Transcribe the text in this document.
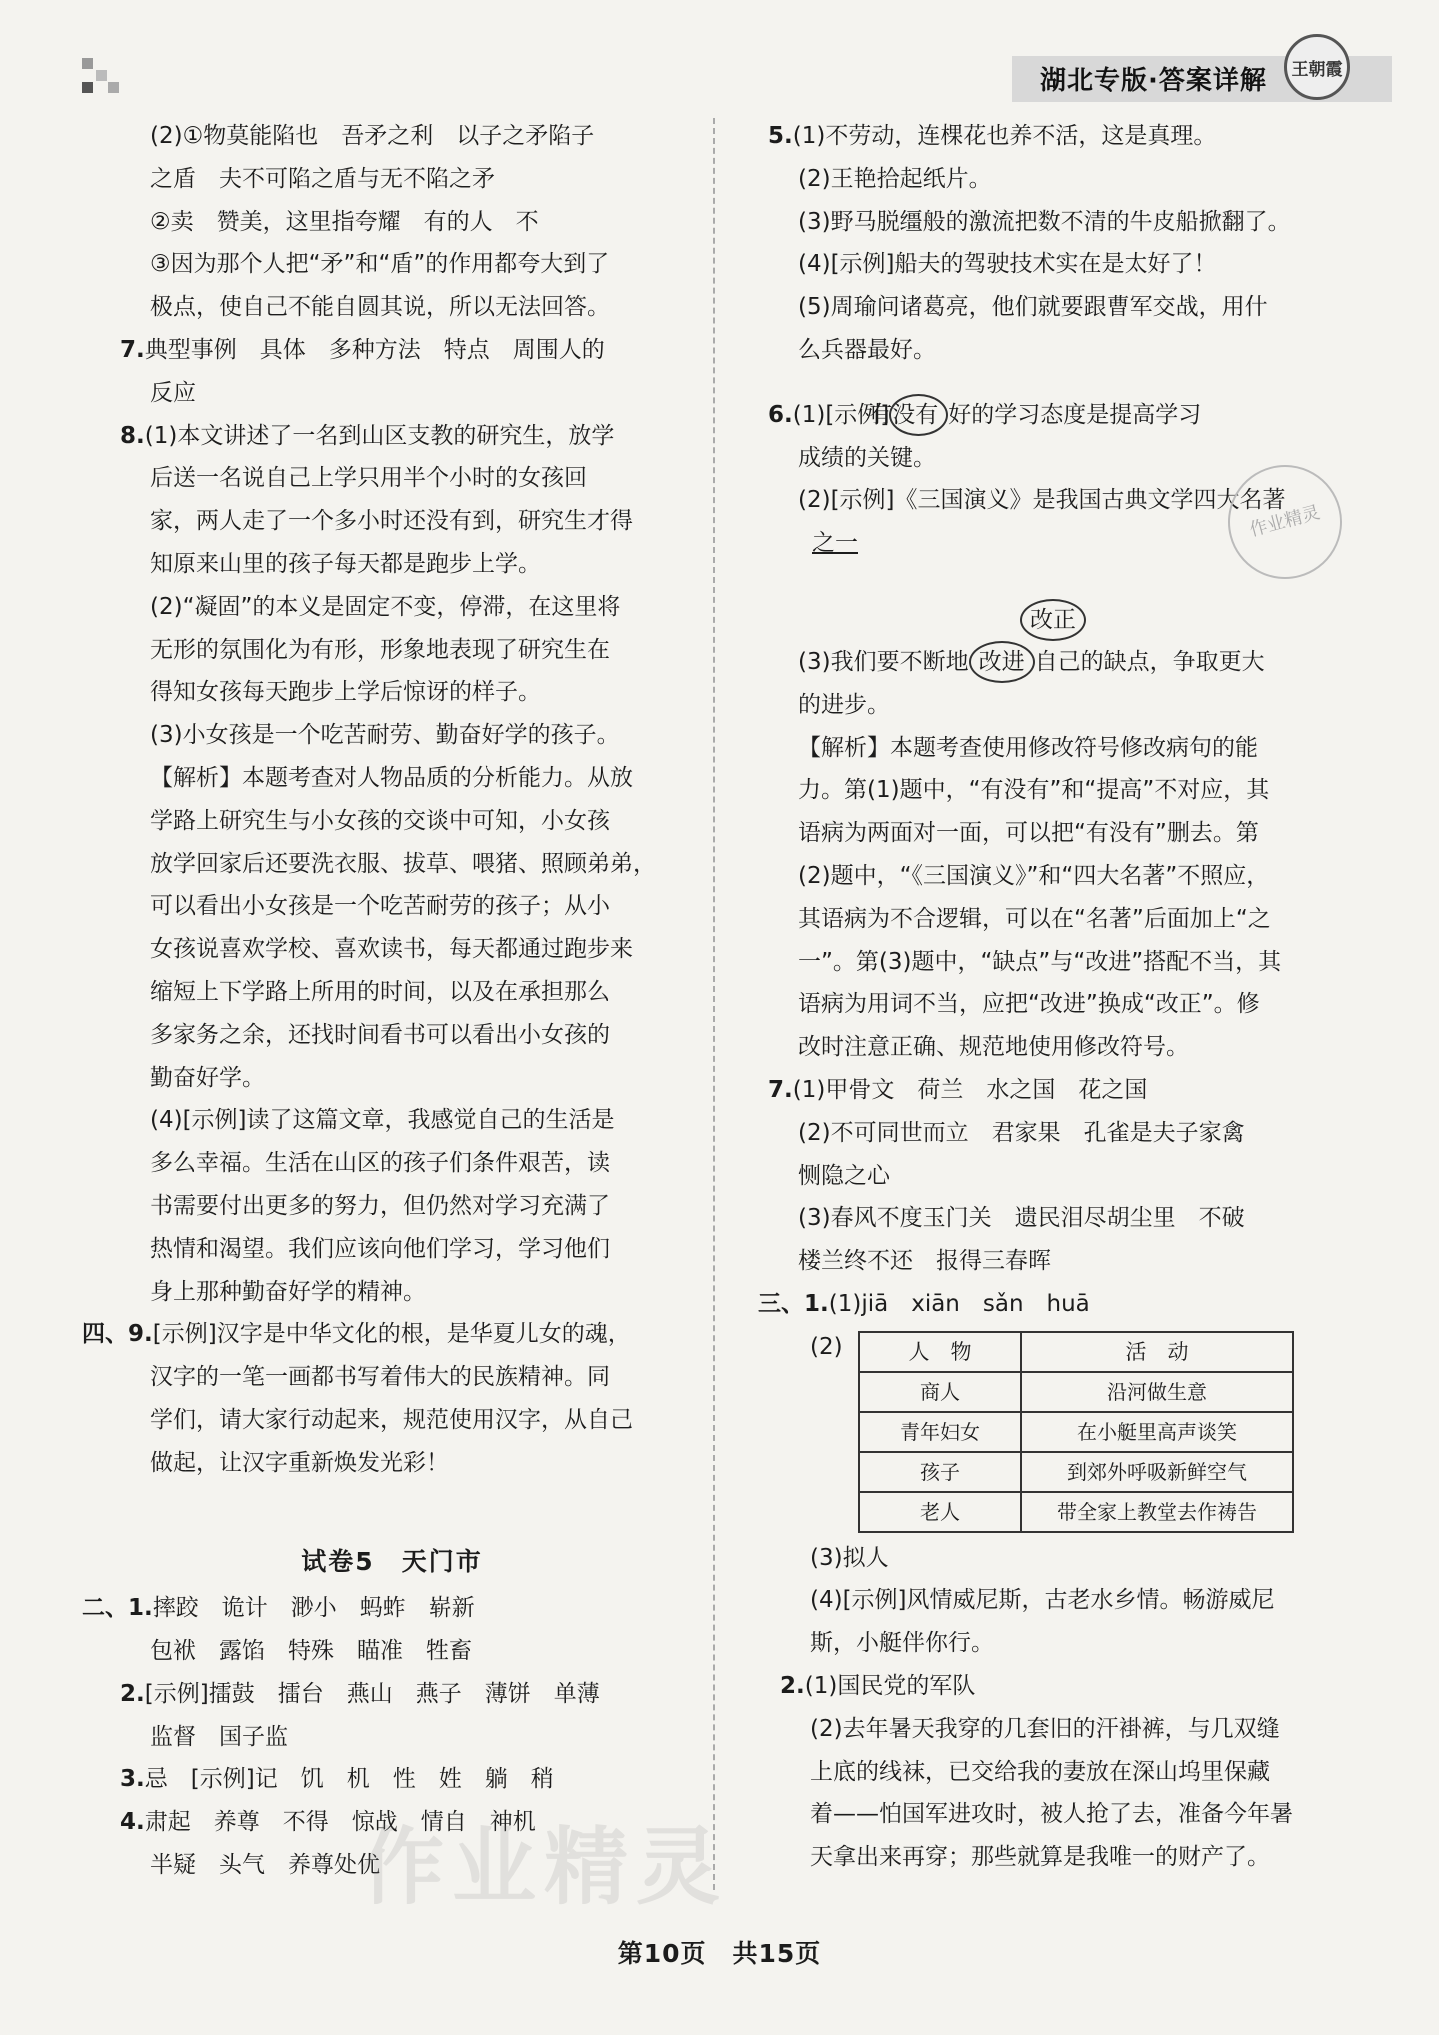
湖北专版·答案详解	王朝霞

(2)①物莫能陷也　吾矛之利　以子之矛陷子

之盾　夫不可陷之盾与无不陷之矛

②卖　赞美，这里指夸耀　有的人　不

③因为那个人把“矛”和“盾”的作用都夸大到了

极点，使自己不能自圆其说，所以无法回答。

7.典型事例　具体　多种方法　特点　周围人的

反应

8.(1)本文讲述了一名到山区支教的研究生，放学

后送一名说自己上学只用半个小时的女孩回

家，两人走了一个多小时还没有到，研究生才得

知原来山里的孩子每天都是跑步上学。

(2)“凝固”的本义是固定不变，停滞，在这里将

无形的氛围化为有形，形象地表现了研究生在

得知女孩每天跑步上学后惊讶的样子。

(3)小女孩是一个吃苦耐劳、勤奋好学的孩子。

【解析】本题考查对人物品质的分析能力。从放

学路上研究生与小女孩的交谈中可知，小女孩

放学回家后还要洗衣服、拔草、喂猪、照顾弟弟，

可以看出小女孩是一个吃苦耐劳的孩子；从小

女孩说喜欢学校、喜欢读书，每天都通过跑步来

缩短上下学路上所用的时间，以及在承担那么

多家务之余，还找时间看书可以看出小女孩的

勤奋好学。

(4)[示例]读了这篇文章，我感觉自己的生活是

多么幸福。生活在山区的孩子们条件艰苦，读

书需要付出更多的努力，但仍然对学习充满了

热情和渴望。我们应该向他们学习，学习他们

身上那种勤奋好学的精神。

四、9.[示例]汉字是中华文化的根，是华夏儿女的魂，

汉字的一笔一画都书写着伟大的民族精神。同

学们，请大家行动起来，规范使用汉字，从自己

做起，让汉字重新焕发光彩！

试卷5　天门市

二、1.摔跤　诡计　渺小　蚂蚱　崭新

包袱　露馅　特殊　瞄准　牲畜

2.[示例]擂鼓　擂台　燕山　燕子　薄饼　单薄

监督　国子监

3.忌　[示例]记　饥　机　性　姓　躺　稍

4.肃起　养尊　不得　惊战　情自　神机

半疑　头气　养尊处优

5.(1)不劳动，连棵花也养不活，这是真理。

(2)王艳拾起纸片。

(3)野马脱缰般的激流把数不清的牛皮船掀翻了。

(4)[示例]船夫的驾驶技术实在是太好了！

(5)周瑜问诸葛亮，他们就要跟曹军交战，用什

么兵器最好。

6.(1)[示例]有没有 好的学习态度是提高学习

成绩的关键。

(2)[示例]《三国演义》是我国古典文学四大名著

之一

改正

(3)我们要不断地 改进 自己的缺点，争取更大

的进步。

【解析】本题考查使用修改符号修改病句的能

力。第(1)题中，“有没有”和“提高”不对应，其

语病为两面对一面，可以把“有没有”删去。第

(2)题中，“《三国演义》”和“四大名著”不照应，

其语病为不合逻辑，可以在“名著”后面加上“之

一”。第(3)题中，“缺点”与“改进”搭配不当，其

语病为用词不当，应把“改进”换成“改正”。修

改时注意正确、规范地使用修改符号。

7.(1)甲骨文　荷兰　水之国　花之国

(2)不可同世而立　君家果　孔雀是夫子家禽

恻隐之心

(3)春风不度玉门关　遗民泪尽胡尘里　不破

楼兰终不还　报得三春晖

三、1.(1)jiā　xiān　sǎn　huā

(2)	人　物	活　动
商人	沿河做生意
青年妇女	在小艇里高声谈笑
孩子	到郊外呼吸新鲜空气
老人	带全家上教堂去作祷告

(3)拟人

(4)[示例]风情威尼斯，古老水乡情。畅游威尼

斯，小艇伴你行。

2.(1)国民党的军队

(2)去年暑天我穿的几套旧的汗褂裤，与几双缝

上底的线袜，已交给我的妻放在深山坞里保藏

着——怕国军进攻时，被人抢了去，准备今年暑

天拿出来再穿；那些就算是我唯一的财产了。

作业精灵
作业精灵
第10页　共15页
